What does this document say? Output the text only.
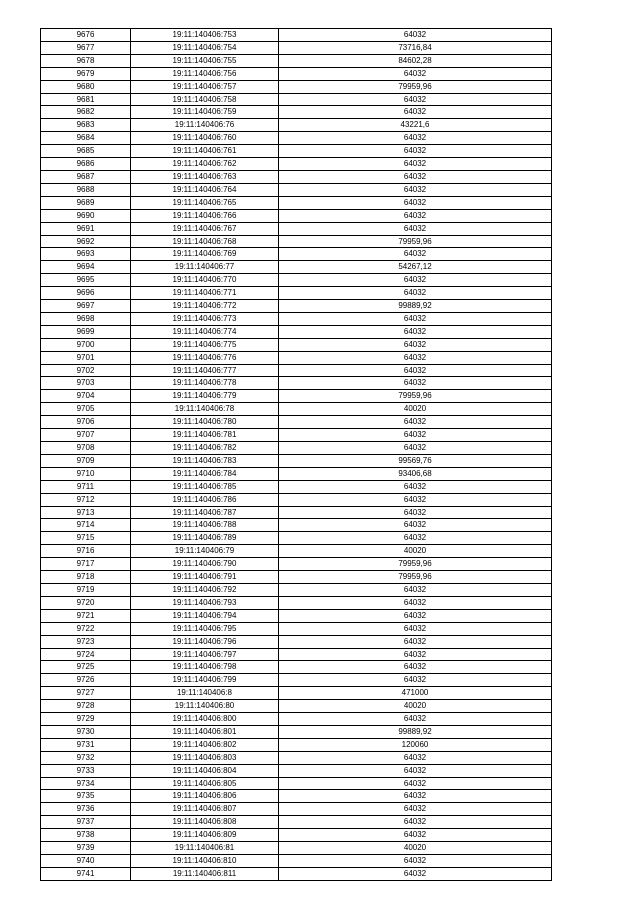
9676	19:11:140406:753	64032
9677	19:11:140406:754	73716,84
9678	19:11:140406:755	84602,28
9679	19:11:140406:756	64032
9680	19:11:140406:757	79959,96
9681	19:11:140406:758	64032
9682	19:11:140406:759	64032
9683	19:11:140406:76	43221,6
9684	19:11:140406:760	64032
9685	19:11:140406:761	64032
9686	19:11:140406:762	64032
9687	19:11:140406:763	64032
9688	19:11:140406:764	64032
9689	19:11:140406:765	64032
9690	19:11:140406:766	64032
9691	19:11:140406:767	64032
9692	19:11:140406:768	79959,96
9693	19:11:140406:769	64032
9694	19:11:140406:77	54267,12
9695	19:11:140406:770	64032
9696	19:11:140406:771	64032
9697	19:11:140406:772	99889,92
9698	19:11:140406:773	64032
9699	19:11:140406:774	64032
9700	19:11:140406:775	64032
9701	19:11:140406:776	64032
9702	19:11:140406:777	64032
9703	19:11:140406:778	64032
9704	19:11:140406:779	79959,96
9705	19:11:140406:78	40020
9706	19:11:140406:780	64032
9707	19:11:140406:781	64032
9708	19:11:140406:782	64032
9709	19:11:140406:783	99569,76
9710	19:11:140406:784	93406,68
9711	19:11:140406:785	64032
9712	19:11:140406:786	64032
9713	19:11:140406:787	64032
9714	19:11:140406:788	64032
9715	19:11:140406:789	64032
9716	19:11:140406:79	40020
9717	19:11:140406:790	79959,96
9718	19:11:140406:791	79959,96
9719	19:11:140406:792	64032
9720	19:11:140406:793	64032
9721	19:11:140406:794	64032
9722	19:11:140406:795	64032
9723	19:11:140406:796	64032
9724	19:11:140406:797	64032
9725	19:11:140406:798	64032
9726	19:11:140406:799	64032
9727	19:11:140406:8	471000
9728	19:11:140406:80	40020
9729	19:11:140406:800	64032
9730	19:11:140406:801	99889,92
9731	19:11:140406:802	120060
9732	19:11:140406:803	64032
9733	19:11:140406:804	64032
9734	19:11:140406:805	64032
9735	19:11:140406:806	64032
9736	19:11:140406:807	64032
9737	19:11:140406:808	64032
9738	19:11:140406:809	64032
9739	19:11:140406:81	40020
9740	19:11:140406:810	64032
9741	19:11:140406:811	64032
